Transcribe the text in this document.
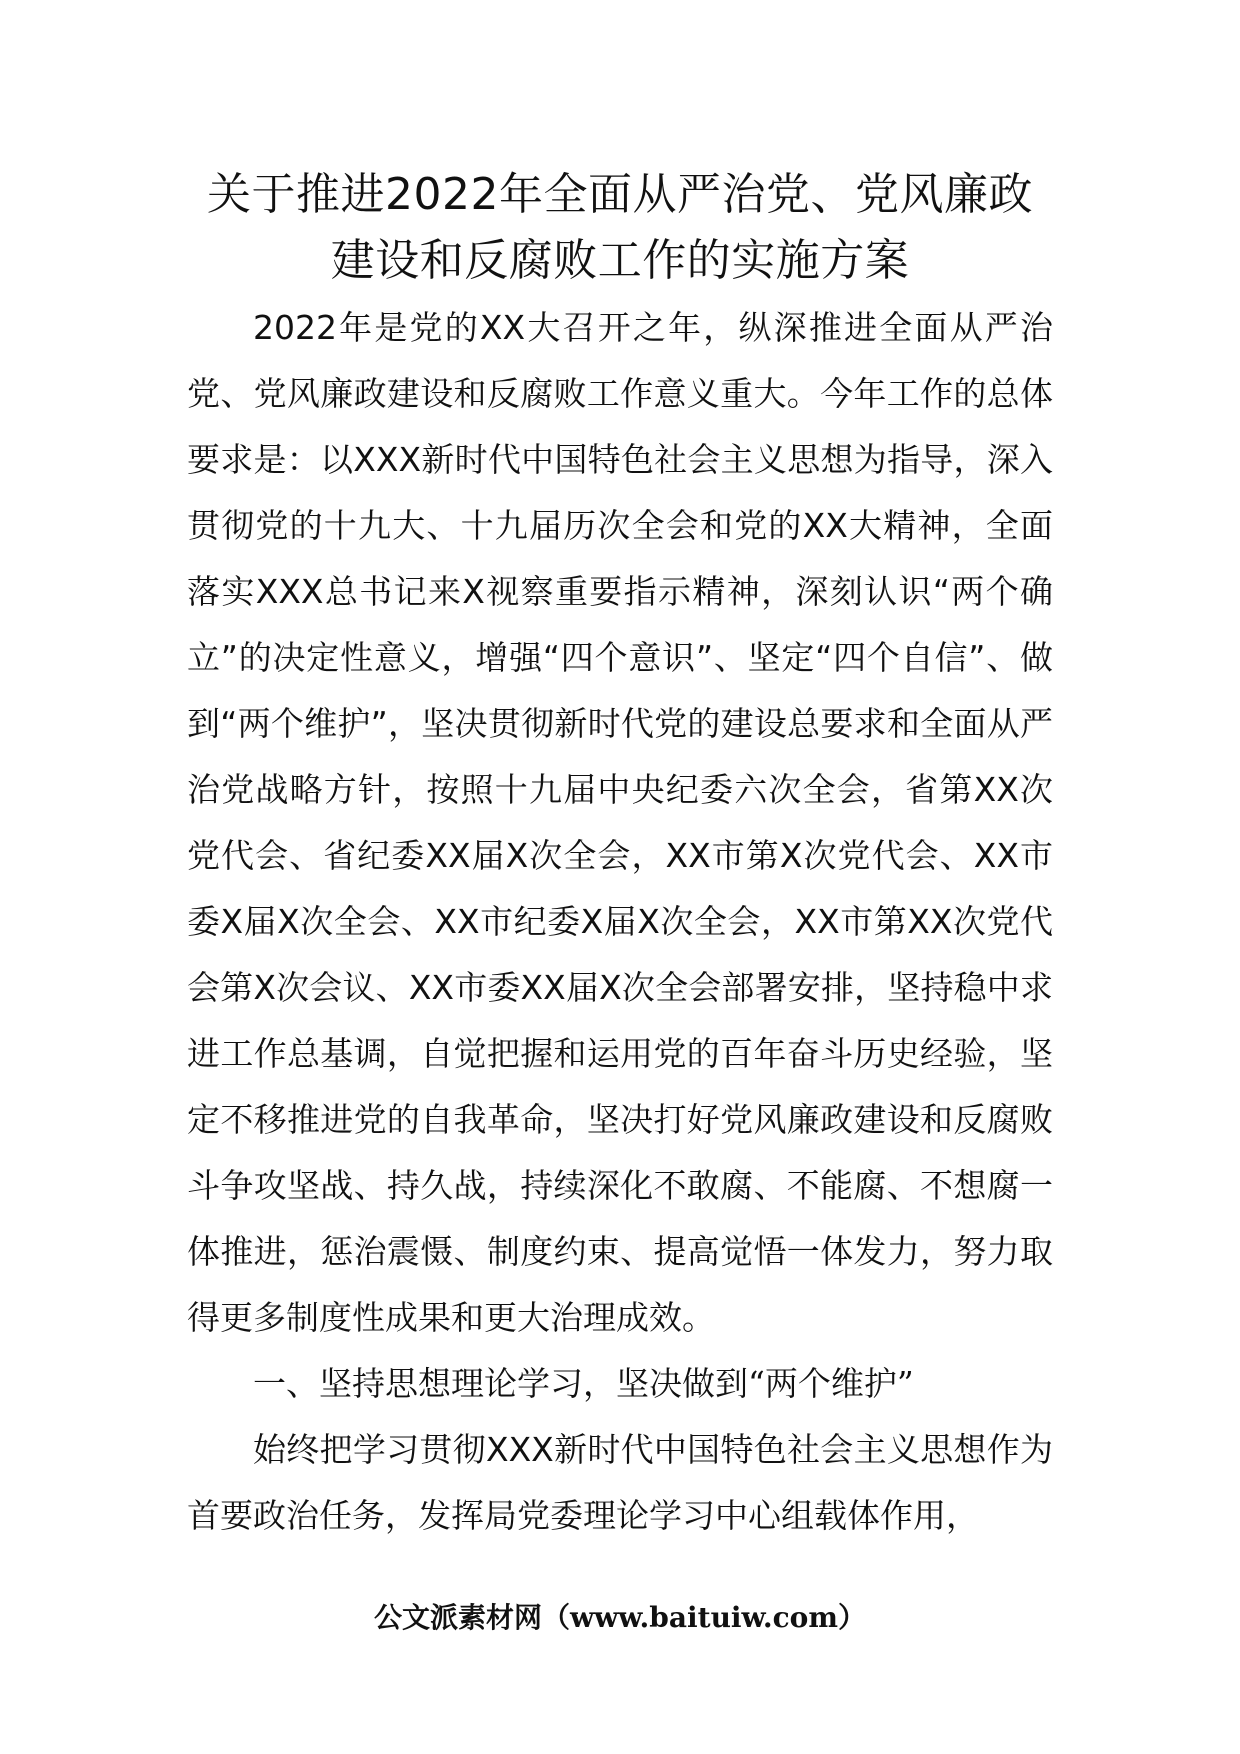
关于推进2022年全面从严治党、党风廉政
建设和反腐败工作的实施方案

2022年是党的XX大召开之年，纵深推进全面从严治党、党风廉政建设和反腐败工作意义重大。今年工作的总体要求是：以XXX新时代中国特色社会主义思想为指导，深入贯彻党的十九大、十九届历次全会和党的XX大精神，全面落实XXX总书记来X视察重要指示精神，深刻认识“两个确立”的决定性意义，增强“四个意识”、坚定“四个自信”、做到“两个维护”，坚决贯彻新时代党的建设总要求和全面从严治党战略方针，按照十九届中央纪委六次全会，省第XX次党代会、省纪委XX届X次全会，XX市第X次党代会、XX市委X届X次全会、XX市纪委X届X次全会，XX市第XX次党代会第X次会议、XX市委XX届X次全会部署安排，坚持稳中求进工作总基调，自觉把握和运用党的百年奋斗历史经验，坚定不移推进党的自我革命，坚决打好党风廉政建设和反腐败斗争攻坚战、持久战，持续深化不敢腐、不能腐、不想腐一体推进，惩治震慑、制度约束、提高觉悟一体发力，努力取得更多制度性成果和更大治理成效。

一、坚持思想理论学习，坚决做到“两个维护”

始终把学习贯彻XXX新时代中国特色社会主义思想作为首要政治任务，发挥局党委理论学习中心组载体作用，

公文派素材网（www.baituiw.com）
